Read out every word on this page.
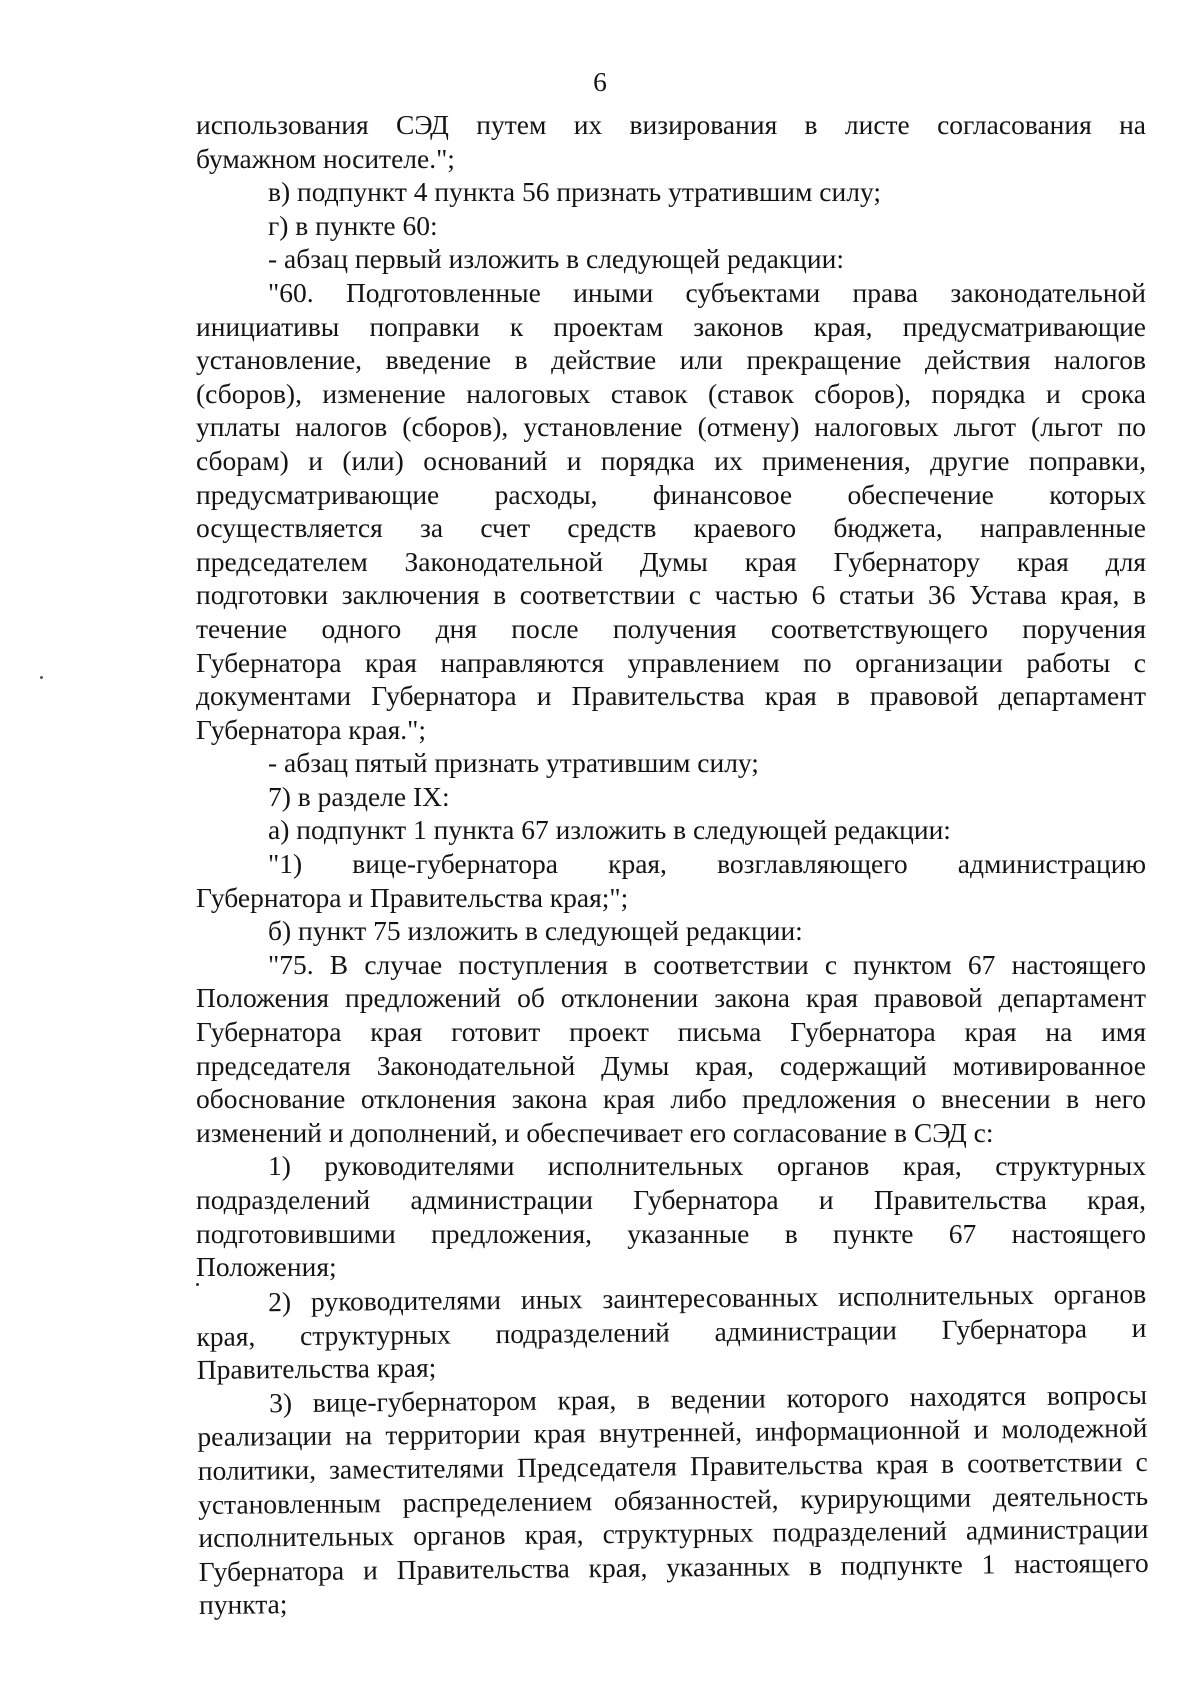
6
использования СЭД путем их визирования в листе согласования на
бумажном носителе.";
в) подпункт 4 пункта 56 признать утратившим силу;
г) в пункте 60:
- абзац первый изложить в следующей редакции:
"60. Подготовленные иными субъектами права законодательной
инициативы поправки к проектам законов края, предусматривающие
установление, введение в действие или прекращение действия налогов
(сборов), изменение налоговых ставок (ставок сборов), порядка и срока
уплаты налогов (сборов), установление (отмену) налоговых льгот (льгот по
сборам) и (или) оснований и порядка их применения, другие поправки,
предусматривающие расходы, финансовое обеспечение которых
осуществляется за счет средств краевого бюджета, направленные
председателем Законодательной Думы края Губернатору края для
подготовки заключения в соответствии с частью 6 статьи 36 Устава края, в
течение одного дня после получения соответствующего поручения
Губернатора края направляются управлением по организации работы с
документами Губернатора и Правительства края в правовой департамент
Губернатора края.";
- абзац пятый признать утратившим силу;
7) в разделе IX:
а) подпункт 1 пункта 67 изложить в следующей редакции:
"1) вице-губернатора края, возглавляющего администрацию
Губернатора и Правительства края;";
б) пункт 75 изложить в следующей редакции:
"75. В случае поступления в соответствии с пунктом 67 настоящего
Положения предложений об отклонении закона края правовой департамент
Губернатора края готовит проект письма Губернатора края на имя
председателя Законодательной Думы края, содержащий мотивированное
обоснование отклонения закона края либо предложения о внесении в него
изменений и дополнений, и обеспечивает его согласование в СЭД с:
1) руководителями исполнительных органов края, структурных
подразделений администрации Губернатора и Правительства края,
подготовившими предложения, указанные в пункте 67 настоящего
Положения;
2) руководителями иных заинтересованных исполнительных органов
края, структурных подразделений администрации Губернатора и
Правительства края;
3) вице-губернатором края, в ведении которого находятся вопросы
реализации на территории края внутренней, информационной и молодежной
политики, заместителями Председателя Правительства края в соответствии с
установленным распределением обязанностей, курирующими деятельность
исполнительных органов края, структурных подразделений администрации
Губернатора и Правительства края, указанных в подпункте 1 настоящего
пункта;
